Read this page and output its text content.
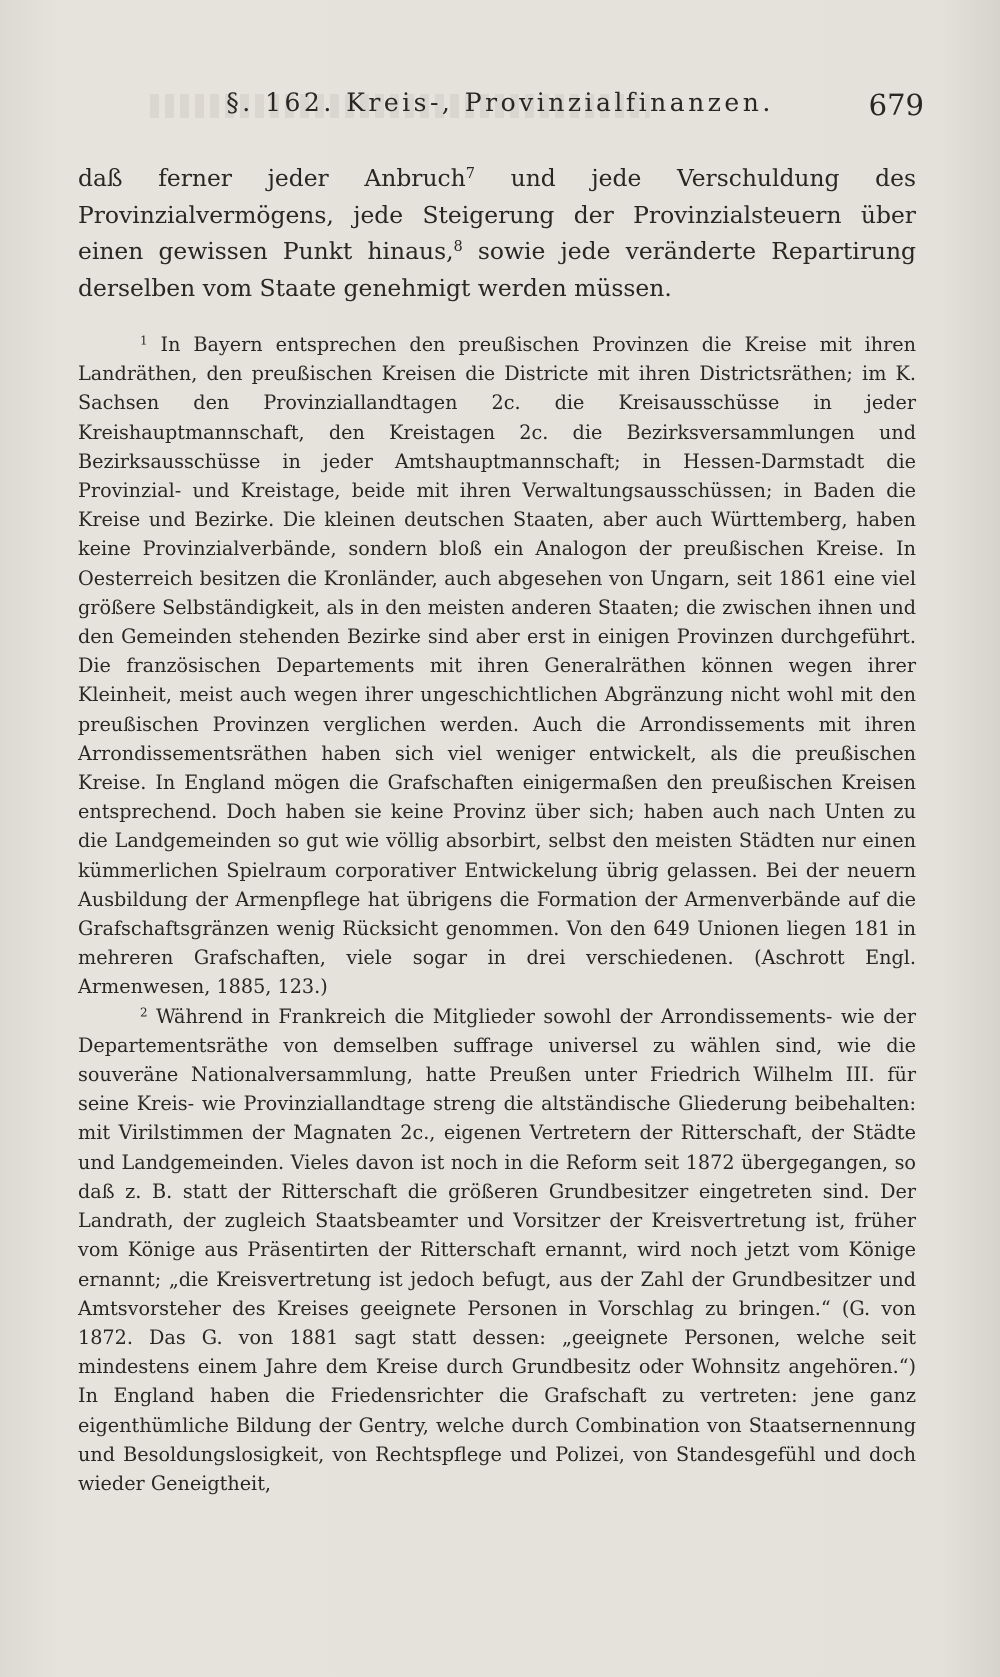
§. 162. Kreis-, Provinzialfinanzen.	679
daß ferner jeder Anbruch$^7$ und jede Verschuldung des Provinzialvermögens, jede Steigerung der Provinzialsteuern über einen gewissen Punkt hinaus,$^8$ sowie jede veränderte Repartirung derselben vom Staate genehmigt werden müssen.

$^1$ In Bayern entsprechen den preußischen Provinzen die Kreise mit ihren Landräthen, den preußischen Kreisen die Districte mit ihren Districtsräthen; im K. Sachsen den Provinziallandtagen 2c. die Kreisausschüsse in jeder Kreishauptmannschaft, den Kreistagen 2c. die Bezirksversammlungen und Bezirksausschüsse in jeder Amtshauptmannschaft; in Hessen-Darmstadt die Provinzial- und Kreistage, beide mit ihren Verwaltungsausschüssen; in Baden die Kreise und Bezirke. Die kleinen deutschen Staaten, aber auch Württemberg, haben keine Provinzialverbände, sondern bloß ein Analogon der preußischen Kreise. In Oesterreich besitzen die Kronländer, auch abgesehen von Ungarn, seit 1861 eine viel größere Selbständigkeit, als in den meisten anderen Staaten; die zwischen ihnen und den Gemeinden stehenden Bezirke sind aber erst in einigen Provinzen durchgeführt. Die französischen Departements mit ihren Generalräthen können wegen ihrer Kleinheit, meist auch wegen ihrer ungeschichtlichen Abgränzung nicht wohl mit den preußischen Provinzen verglichen werden. Auch die Arrondissements mit ihren Arrondissementsräthen haben sich viel weniger entwickelt, als die preußischen Kreise. In England mögen die Grafschaften einigermaßen den preußischen Kreisen entsprechend. Doch haben sie keine Provinz über sich; haben auch nach Unten zu die Landgemeinden so gut wie völlig absorbirt, selbst den meisten Städten nur einen kümmerlichen Spielraum corporativer Entwickelung übrig gelassen. Bei der neuern Ausbildung der Armenpflege hat übrigens die Formation der Armenverbände auf die Grafschaftsgränzen wenig Rücksicht genommen. Von den 649 Unionen liegen 181 in mehreren Grafschaften, viele sogar in drei verschiedenen. (Aschrott Engl. Armenwesen, 1885, 123.)

$^2$ Während in Frankreich die Mitglieder sowohl der Arrondissements- wie der Departementsräthe von demselben suffrage universel zu wählen sind, wie die souveräne Nationalversammlung, hatte Preußen unter Friedrich Wilhelm III. für seine Kreis- wie Provinziallandtage streng die altständische Gliederung beibehalten: mit Virilstimmen der Magnaten 2c., eigenen Vertretern der Ritterschaft, der Städte und Landgemeinden. Vieles davon ist noch in die Reform seit 1872 übergegangen, so daß z. B. statt der Ritterschaft die größeren Grundbesitzer eingetreten sind. Der Landrath, der zugleich Staatsbeamter und Vorsitzer der Kreisvertretung ist, früher vom Könige aus Präsentirten der Ritterschaft ernannt, wird noch jetzt vom Könige ernannt; „die Kreisvertretung ist jedoch befugt, aus der Zahl der Grundbesitzer und Amtsvorsteher des Kreises geeignete Personen in Vorschlag zu bringen.“ (G. von 1872. Das G. von 1881 sagt statt dessen: „geeignete Personen, welche seit mindestens einem Jahre dem Kreise durch Grundbesitz oder Wohnsitz angehören.“) In England haben die Friedensrichter die Grafschaft zu vertreten: jene ganz eigenthümliche Bildung der Gentry, welche durch Combination von Staatsernennung und Besoldungslosigkeit, von Rechtspflege und Polizei, von Standesgefühl und doch wieder Geneigtheit,
